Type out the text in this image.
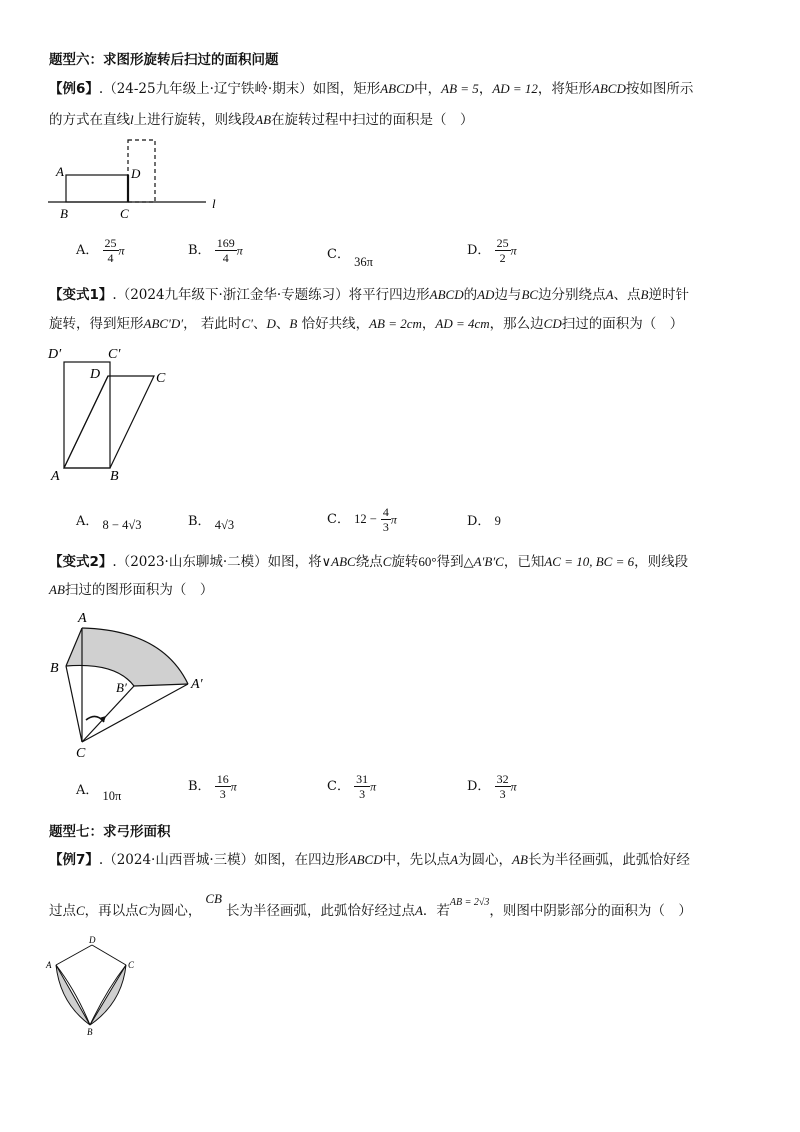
题型六：求图形旋转后扫过的面积问题
【例6】.（24-25九年级上·辽宁铁岭·期末）如图，矩形ABCD中，AB = 5，AD = 12，将矩形ABCD按如图所示
的方式在直线l上进行旋转，则线段AB在旋转过程中扫过的面积是（　）
A
B	C
D
l
A． $\frac{25}{4}$ π	B． $\frac{169}{4}$ π	C． 36π
D． $\frac{25}{2}$ π
【变式1】.（2024九年级下·浙江金华·专题练习）将平行四边形ABCD的AD边与BC边分别绕点A、点B逆时针
旋转，得到矩形ABC′D′， 若此时C′、D、B 恰好共线，AB = 2cm，AD = 4cm，那么边CD扫过的面积为（　）
D′	C′
D	C
A	B
A． 8 − 4√3	B． 4√3	C． $12 - \frac{4}{3}$ π	D． 9
【变式2】.（2023·山东聊城·二模）如图，将∨ABC绕点C旋转60°得到△A′B′C，已知AC = 10, BC = 6，则线段
AB扫过的图形面积为（　）
A
B
B′	A′
C
A． 10π
B． $\frac{16}{3}$ π	C． $\frac{31}{3}$ π	D． $\frac{32}{3}$ π
题型七：求弓形面积
【例7】.（2024·山西晋城·三模）如图，在四边形ABCD中，先以点A为圆心，AB长为半径画弧，此弧恰好经
过点C，再以点C为圆心，CB长为半径画弧，此弧恰好经过点A．若$^{AB = 2√3}$，则图中阴影部分的面积为（　）
A	C
D
B
